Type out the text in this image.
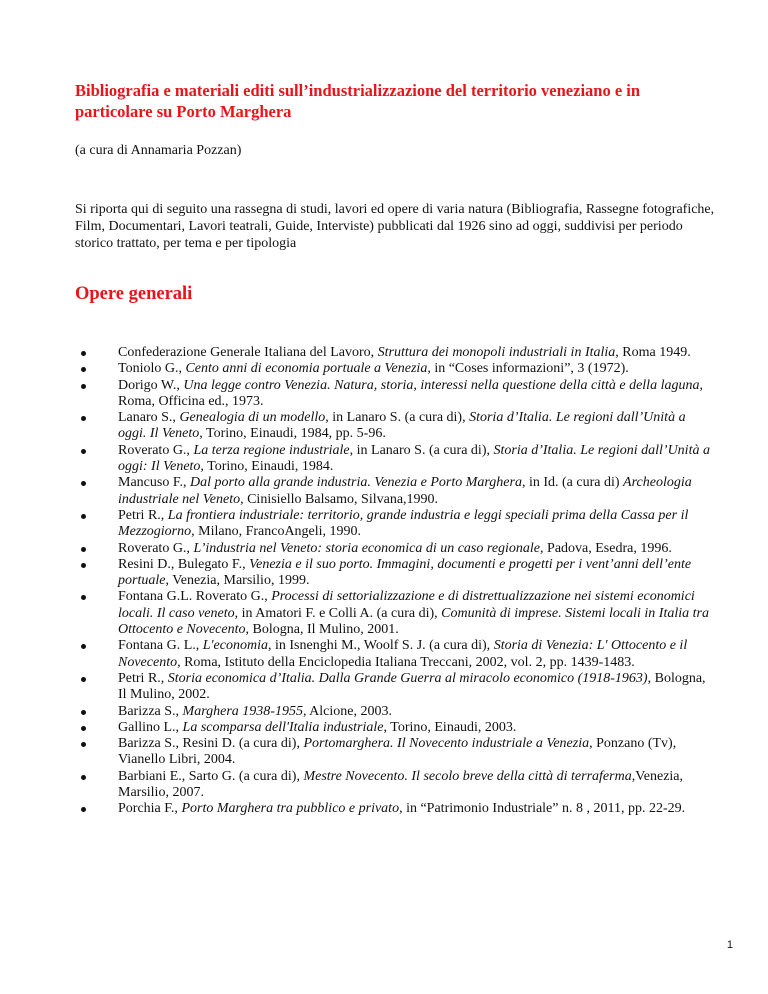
Bibliografia e materiali editi sull’industrializzazione del territorio veneziano e in particolare su Porto Marghera
(a cura di Annamaria Pozzan)
Si riporta qui di seguito una rassegna di studi, lavori ed opere di varia natura (Bibliografia, Rassegne fotografiche, Film, Documentari, Lavori teatrali, Guide, Interviste) pubblicati dal 1926 sino ad oggi, suddivisi per periodo storico trattato, per tema e per tipologia
Opere generali
Confederazione Generale Italiana del Lavoro, Struttura dei monopoli industriali in Italia, Roma 1949.
Toniolo G., Cento anni di economia portuale a Venezia, in “Coses informazioni”, 3 (1972).
Dorigo W., Una legge contro Venezia. Natura, storia, interessi nella questione della città e della laguna, Roma, Officina ed., 1973.
Lanaro S., Genealogia di un modello, in Lanaro S. (a cura di), Storia d’Italia. Le regioni dall’Unità a oggi. Il Veneto, Torino, Einaudi, 1984, pp. 5-96.
Roverato G., La terza regione industriale, in Lanaro S. (a cura di), Storia d’Italia. Le regioni dall’Unità a oggi: Il Veneto, Torino, Einaudi, 1984.
Mancuso F., Dal porto alla grande industria. Venezia e Porto Marghera, in Id. (a cura di) Archeologia industriale nel Veneto, Cinisiello Balsamo, Silvana,1990.
Petri R., La frontiera industriale: territorio, grande industria e leggi speciali prima della Cassa per il Mezzogiorno, Milano, FrancoAngeli, 1990.
Roverato G., L’industria nel Veneto: storia economica di un caso regionale, Padova, Esedra, 1996.
Resini D., Bulegato F., Venezia e il suo porto. Immagini, documenti e progetti per i vent’anni dell’ente portuale, Venezia, Marsilio, 1999.
Fontana G.L. Roverato G., Processi di settorializzazione e di distrettualizzazione nei sistemi economici locali. Il caso veneto, in Amatori F. e Colli A. (a cura di), Comunità di imprese. Sistemi locali in Italia tra Ottocento e Novecento, Bologna, Il Mulino, 2001.
Fontana G. L., L'economia, in Isnenghi M., Woolf S. J. (a cura di), Storia di Venezia: L' Ottocento e il Novecento, Roma, Istituto della Enciclopedia Italiana Treccani, 2002, vol. 2, pp. 1439-1483.
Petri R., Storia economica d’Italia. Dalla Grande Guerra al miracolo economico (1918-1963), Bologna, Il Mulino, 2002.
Barizza S., Marghera 1938-1955, Alcione, 2003.
Gallino L., La scomparsa dell'Italia industriale, Torino, Einaudi, 2003.
Barizza S., Resini D. (a cura di), Portomarghera. Il Novecento industriale a Venezia, Ponzano (Tv), Vianello Libri, 2004.
Barbiani E., Sarto G. (a cura di), Mestre Novecento. Il secolo breve della città di terraferma,Venezia, Marsilio, 2007.
Porchia F., Porto Marghera tra pubblico e privato, in “Patrimonio Industriale” n. 8 , 2011, pp. 22-29.
1
